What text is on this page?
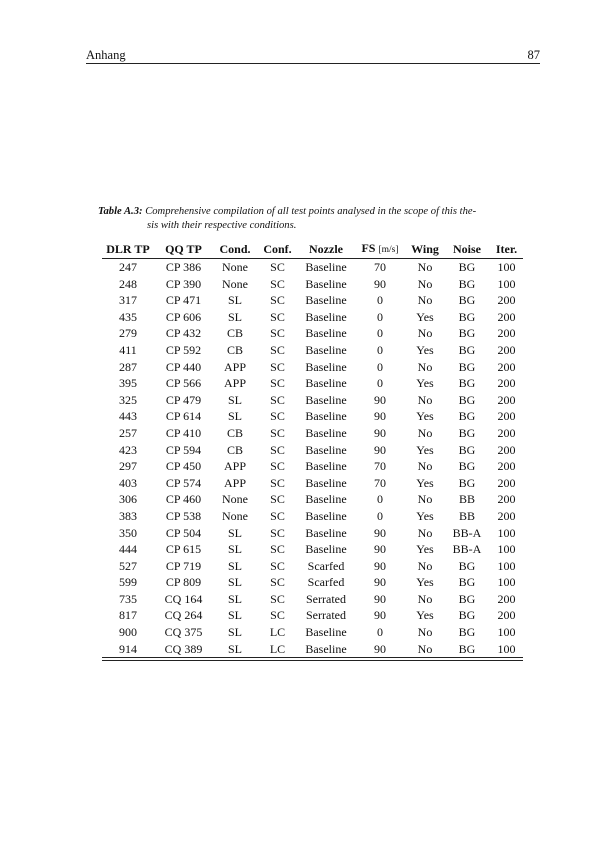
Anhang	87
Table A.3: Comprehensive compilation of all test points analysed in the scope of this the-
sis with their respective conditions.
DLR TP	QQ TP	Cond.	Conf.	Nozzle	FS [m/s]	Wing	Noise	Iter.
247	CP 386	None	SC	Baseline	70	No	BG	100
248	CP 390	None	SC	Baseline	90	No	BG	100
317	CP 471	SL	SC	Baseline	0	No	BG	200
435	CP 606	SL	SC	Baseline	0	Yes	BG	200
279	CP 432	CB	SC	Baseline	0	No	BG	200
411	CP 592	CB	SC	Baseline	0	Yes	BG	200
287	CP 440	APP	SC	Baseline	0	No	BG	200
395	CP 566	APP	SC	Baseline	0	Yes	BG	200
325	CP 479	SL	SC	Baseline	90	No	BG	200
443	CP 614	SL	SC	Baseline	90	Yes	BG	200
257	CP 410	CB	SC	Baseline	90	No	BG	200
423	CP 594	CB	SC	Baseline	90	Yes	BG	200
297	CP 450	APP	SC	Baseline	70	No	BG	200
403	CP 574	APP	SC	Baseline	70	Yes	BG	200
306	CP 460	None	SC	Baseline	0	No	BB	200
383	CP 538	None	SC	Baseline	0	Yes	BB	200
350	CP 504	SL	SC	Baseline	90	No	BB-A	100
444	CP 615	SL	SC	Baseline	90	Yes	BB-A	100
527	CP 719	SL	SC	Scarfed	90	No	BG	100
599	CP 809	SL	SC	Scarfed	90	Yes	BG	100
735	CQ 164	SL	SC	Serrated	90	No	BG	200
817	CQ 264	SL	SC	Serrated	90	Yes	BG	200
900	CQ 375	SL	LC	Baseline	0	No	BG	100
914	CQ 389	SL	LC	Baseline	90	No	BG	100
